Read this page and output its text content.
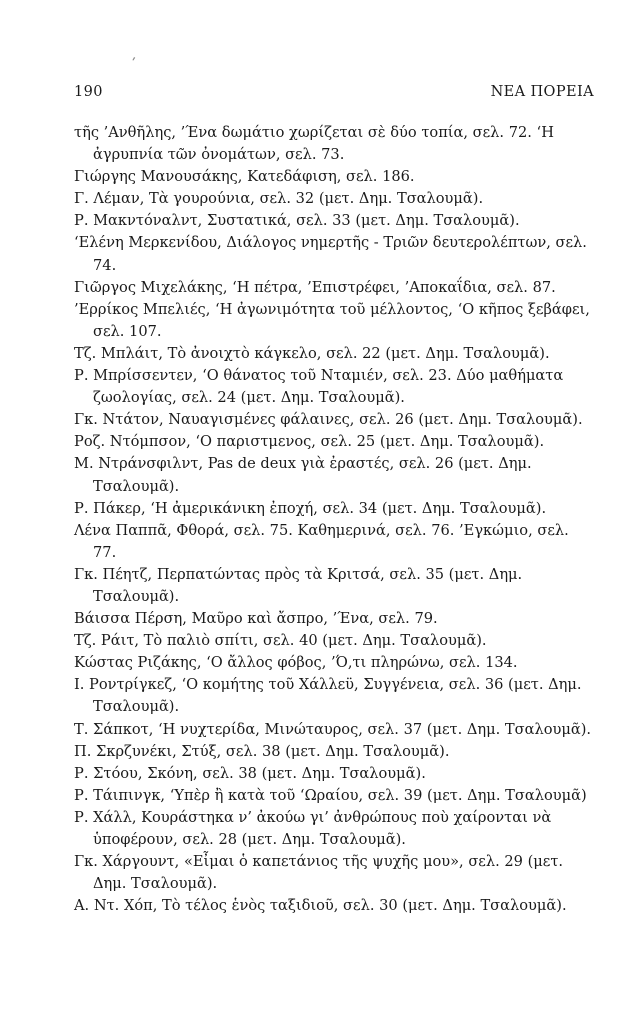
ʹ
190	ΝΕΑ ΠΟΡΕΙΑ

τῆς ’Ανθῆλης, ’Ένα δωμάτιο χωρίζεται σὲ δύο τοπία, σελ. 72. ‘Η ἀγρυπνία τῶν ὀνομάτων, σελ. 73.

Γιώργης Μανουσάκης, Κατεδάφιση, σελ. 186.

Γ. Λέμαν, Τὰ γουρούνια, σελ. 32 (μετ. Δημ. Τσαλουμᾶ).

Ρ. Μακντόναλντ, Συστατικά, σελ. 33 (μετ. Δημ. Τσαλουμᾶ).

‘Ελένη Μερκενίδου, Διάλογος νημερτῆς - Τριῶν δευτερολέπτων, σελ. 74.

Γιῶργος Μιχελάκης, ‘Η πέτρα, ’Επιστρέφει, ’Αποκαΐδια, σελ. 87.

’Ερρίκος Μπελιές, ‘Η ἀγωνιμότητα τοῦ μέλλοντος, ‘Ο κῆπος ξεβάφει, σελ. 107.

Τζ. Μπλάιτ, Τὸ ἀνοιχτὸ κάγκελο, σελ. 22 (μετ. Δημ. Τσαλουμᾶ).

Ρ. Μπρίσσεντεν, ‘Ο θάνατος τοῦ Νταμιέν, σελ. 23. Δύο μαθήματα ζωολογίας, σελ. 24 (μετ. Δημ. Τσαλουμᾶ).

Γκ. Ντάτον, Ναυαγισμένες φάλαινες, σελ. 26 (μετ. Δημ. Τσαλουμᾶ).

Ροζ. Ντόμπσον, ‘Ο παριστμενος, σελ. 25 (μετ. Δημ. Τσαλουμᾶ).

Μ. Ντράνσφιλντ, Pas de deux γιὰ ἐραστές, σελ. 26 (μετ. Δημ. Τσαλουμᾶ).

Ρ. Πάκερ, ‘Η ἀμερικάνικη ἐποχή, σελ. 34 (μετ. Δημ. Τσαλουμᾶ).

Λένα Παππᾶ, Φθορά, σελ. 75. Καθημερινά, σελ. 76. ’Εγκώμιο, σελ. 77.

Γκ. Πέητζ, Περπατώντας πρὸς τὰ Κριτσά, σελ. 35 (μετ. Δημ. Τσαλουμᾶ).

Βάισσα Πέρση, Μαῦρο καὶ ἄσπρο, ’Ένα, σελ. 79.

Τζ. Ράιτ, Τὸ παλιὸ σπίτι, σελ. 40 (μετ. Δημ. Τσαλουμᾶ).

Κώστας Ριζάκης, ‘Ο ἄλλος φόβος, ’Ό,τι πληρώνω, σελ. 134.

Ι. Ροντρίγκεζ, ‘Ο κομήτης τοῦ Χάλλεϋ, Συγγένεια, σελ. 36 (μετ. Δημ. Τσαλουμᾶ).

Τ. Σάπκοτ, ‘Η νυχτερίδα, Μινώταυρος, σελ. 37 (μετ. Δημ. Τσαλουμᾶ).

Π. Σκρζυνέκι, Στύξ, σελ. 38 (μετ. Δημ. Τσαλουμᾶ).

Ρ. Στόου, Σκόνη, σελ. 38 (μετ. Δημ. Τσαλουμᾶ).

Ρ. Τάιπινγκ, ‘Υπὲρ ἢ κατὰ τοῦ ‘Ωραίου, σελ. 39 (μετ. Δημ. Τσαλουμᾶ)

Ρ. Χάλλ, Κουράστηκα ν’ ἀκούω γι’ ἀνθρώπους ποὺ χαίρονται νὰ ὑποφέρουν, σελ. 28 (μετ. Δημ. Τσαλουμᾶ).

Γκ. Χάργουντ, «Εἶμαι ὁ καπετάνιος τῆς ψυχῆς μου», σελ. 29 (μετ. Δημ. Τσαλουμᾶ).

Α. Ντ. Χόπ, Τὸ τέλος ἑνὸς ταξιδιοῦ, σελ. 30 (μετ. Δημ. Τσαλουμᾶ).
